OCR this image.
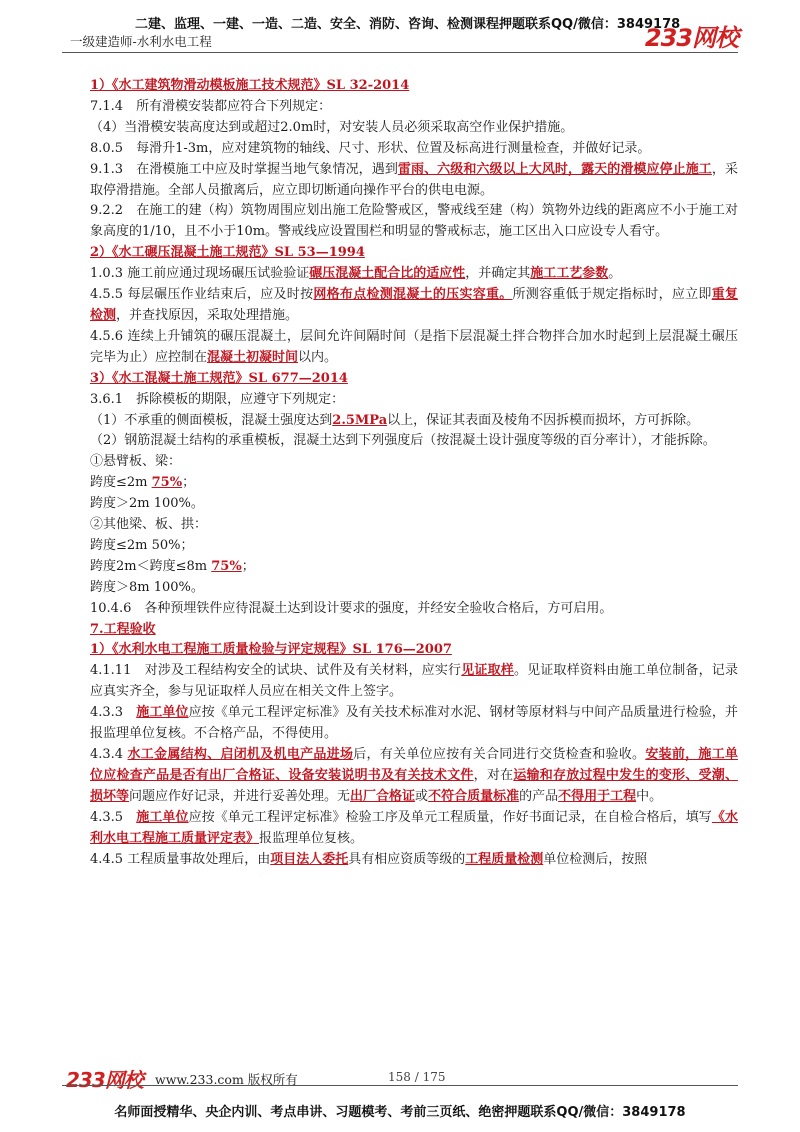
二建、监理、一建、一造、二造、安全、消防、咨询、检测课程押题联系QQ/微信：3849178
一级建造师-水利水电工程	233网校

1）《水工建筑物滑动模板施工技术规范》SL 32-2014

7.1.4　所有滑模安装都应符合下列规定：

（4）当滑模安装高度达到或超过2.0m时，对安装人员必须采取高空作业保护措施。

8.0.5　每滑升1-3m，应对建筑物的轴线、尺寸、形状、位置及标高进行测量检查，并做好记录。

9.1.3　在滑模施工中应及时掌握当地气象情况，遇到雷雨、六级和六级以上大风时，露天的滑模应停止施工，采取停滑措施。全部人员撤离后，应立即切断通向操作平台的供电电源。

9.2.2　在施工的建（构）筑物周围应划出施工危险警戒区，警戒线至建（构）筑物外边线的距离应不小于施工对象高度的1/10，且不小于10m。警戒线应设置围栏和明显的警戒标志，施工区出入口应设专人看守。

2）《水工碾压混凝土施工规范》SL 53—1994

1.0.3 施工前应通过现场碾压试验验证碾压混凝土配合比的适应性，并确定其施工工艺参数。

4.5.5 每层碾压作业结束后，应及时按网格布点检测混凝土的压实容重。所测容重低于规定指标时，应立即重复检测，并查找原因，采取处理措施。

4.5.6 连续上升铺筑的碾压混凝土，层间允许间隔时间（是指下层混凝土拌合物拌合加水时起到上层混凝土碾压完毕为止）应控制在混凝土初凝时间以内。

3）《水工混凝土施工规范》SL 677—2014

3.6.1　拆除模板的期限，应遵守下列规定：

（1）不承重的侧面模板，混凝土强度达到2.5MPa以上，保证其表面及棱角不因拆模而损坏，方可拆除。

（2）钢筋混凝土结构的承重模板，混凝土达到下列强度后（按混凝土设计强度等级的百分率计），才能拆除。

①悬臂板、梁：

跨度≤2m 75%；

跨度＞2m 100%。

②其他梁、板、拱：

跨度≤2m 50%；

跨度2m＜跨度≤8m 75%；

跨度＞8m 100%。

10.4.6　各种预埋铁件应待混凝土达到设计要求的强度，并经安全验收合格后，方可启用。

7.工程验收

1）《水利水电工程施工质量检验与评定规程》SL 176—2007

4.1.11　对涉及工程结构安全的试块、试件及有关材料，应实行见证取样。见证取样资料由施工单位制备，记录应真实齐全，参与见证取样人员应在相关文件上签字。

4.3.3　施工单位应按《单元工程评定标准》及有关技术标准对水泥、钢材等原材料与中间产品质量进行检验，并报监理单位复核。不合格产品，不得使用。

4.3.4 水工金属结构、启闭机及机电产品进场后，有关单位应按有关合同进行交货检查和验收。安装前，施工单位应检查产品是否有出厂合格证、设备安装说明书及有关技术文件，对在运输和存放过程中发生的变形、受潮、损坏等问题应作好记录，并进行妥善处理。无出厂合格证或不符合质量标准的产品不得用于工程中。

4.3.5　施工单位应按《单元工程评定标准》检验工序及单元工程质量，作好书面记录，在自检合格后，填写《水利水电工程施工质量评定表》报监理单位复核。

4.4.5 工程质量事故处理后，由项目法人委托具有相应资质等级的工程质量检测单位检测后，按照

233网校 www.233.com 版权所有	158 / 175
名师面授精华、央企内训、考点串讲、习题模考、考前三页纸、绝密押题联系QQ/微信：3849178
